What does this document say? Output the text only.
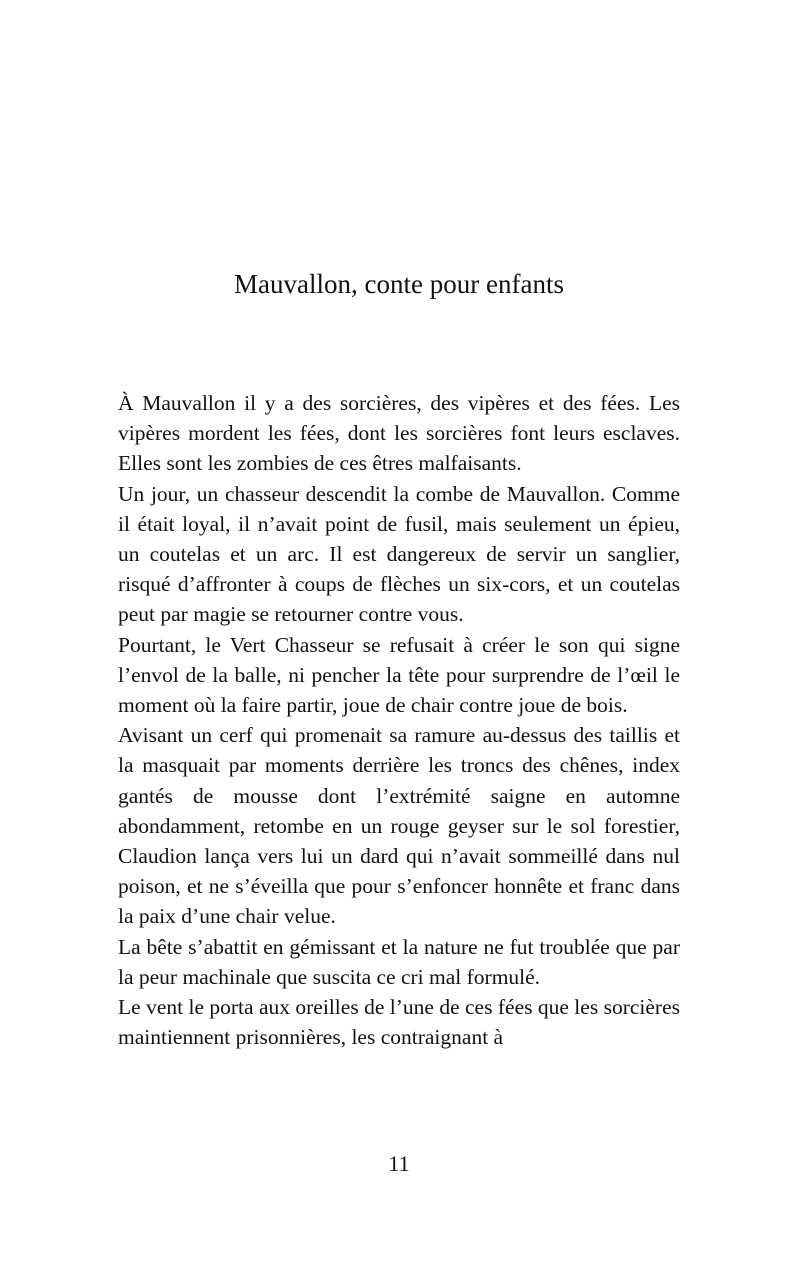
Mauvallon, conte pour enfants

À Mauvallon il y a des sorcières, des vipères et des fées. Les vipères mordent les fées, dont les sorcières font leurs esclaves. Elles sont les zombies de ces êtres malfaisants.

Un jour, un chasseur descendit la combe de Mauvallon. Comme il était loyal, il n’avait point de fusil, mais seulement un épieu, un coutelas et un arc. Il est dangereux de servir un sanglier, risqué d’affronter à coups de flèches un six-cors, et un coutelas peut par magie se retourner contre vous.

Pourtant, le Vert Chasseur se refusait à créer le son qui signe l’envol de la balle, ni pencher la tête pour surprendre de l’œil le moment où la faire partir, joue de chair contre joue de bois.

Avisant un cerf qui promenait sa ramure au-dessus des taillis et la masquait par moments derrière les troncs des chênes, index gantés de mousse dont l’extrémité saigne en automne abondamment, retombe en un rouge geyser sur le sol forestier, Claudion lança vers lui un dard qui n’avait sommeillé dans nul poison, et ne s’éveilla que pour s’enfoncer honnête et franc dans la paix d’une chair velue.

La bête s’abattit en gémissant et la nature ne fut troublée que par la peur machinale que suscita ce cri mal formulé.

Le vent le porta aux oreilles de l’une de ces fées que les sorcières maintiennent prisonnières, les contraignant à

11
